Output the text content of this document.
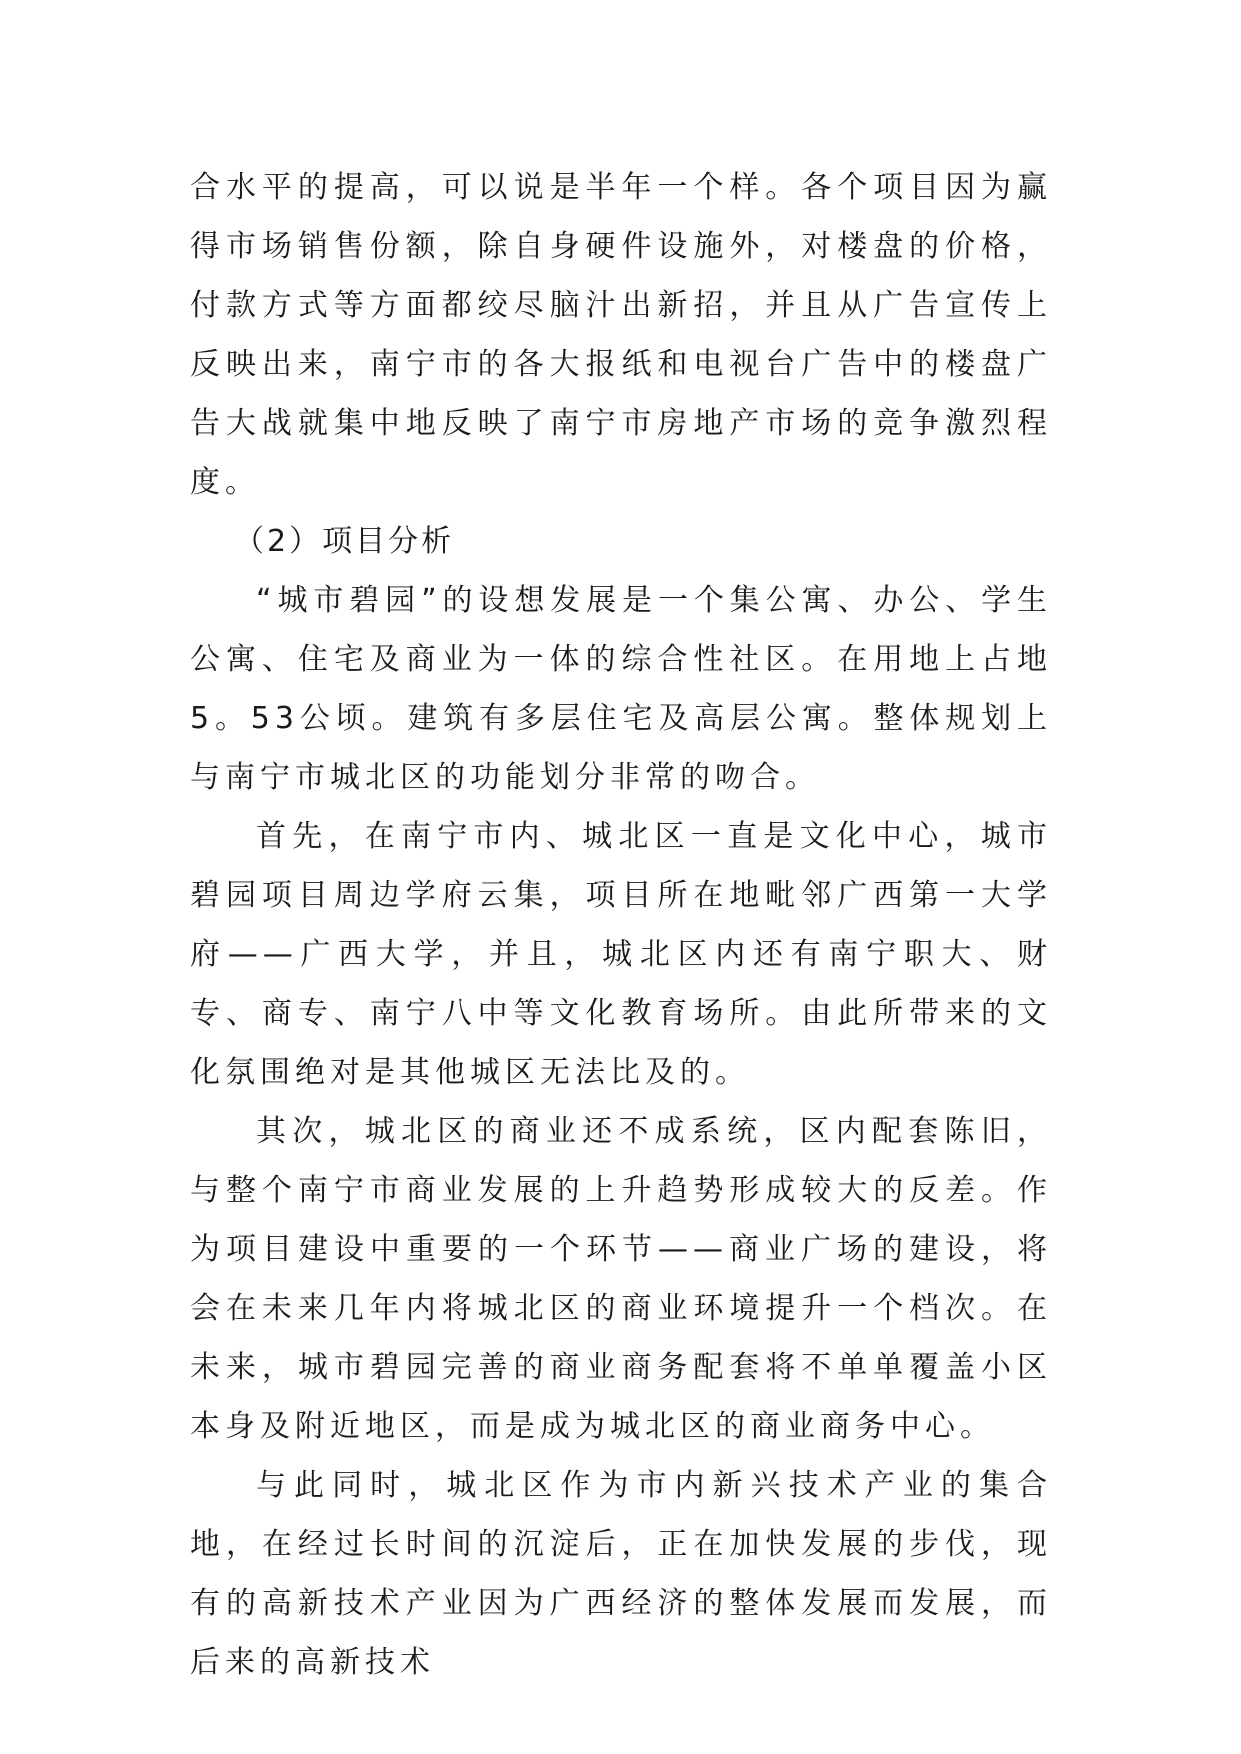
合水平的提高，可以说是半年一个样。各个项目因为赢得市场销售份额，除自身硬件设施外，对楼盘的价格，付款方式等方面都绞尽脑汁出新招，并且从广告宣传上反映出来，南宁市的各大报纸和电视台广告中的楼盘广告大战就集中地反映了南宁市房地产市场的竞争激烈程度。

（2）项目分析

“城市碧园”的设想发展是一个集公寓、办公、学生公寓、住宅及商业为一体的综合性社区。在用地上占地5。53公顷。建筑有多层住宅及高层公寓。整体规划上与南宁市城北区的功能划分非常的吻合。

首先，在南宁市内、城北区一直是文化中心，城市碧园项目周边学府云集，项目所在地毗邻广西第一大学府——广西大学，并且，城北区内还有南宁职大、财专、商专、南宁八中等文化教育场所。由此所带来的文化氛围绝对是其他城区无法比及的。

其次，城北区的商业还不成系统，区内配套陈旧，与整个南宁市商业发展的上升趋势形成较大的反差。作为项目建设中重要的一个环节——商业广场的建设，将会在未来几年内将城北区的商业环境提升一个档次。在未来，城市碧园完善的商业商务配套将不单单覆盖小区本身及附近地区，而是成为城北区的商业商务中心。

与此同时，城北区作为市内新兴技术产业的集合地，在经过长时间的沉淀后，正在加快发展的步伐，现有的高新技术产业因为广西经济的整体发展而发展，而后来的高新技术
